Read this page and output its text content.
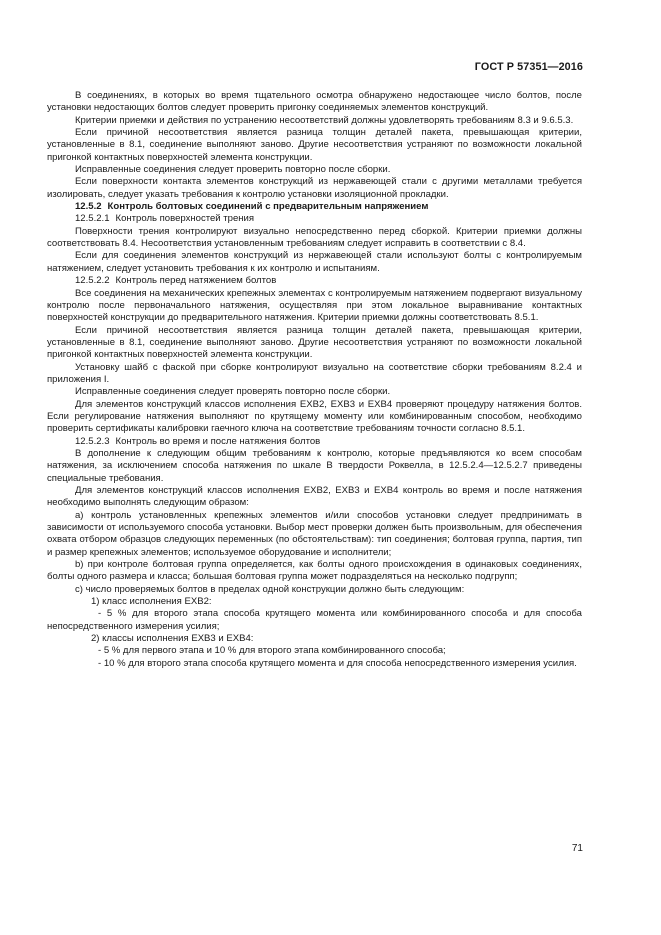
ГОСТ Р 57351—2016

В соединениях, в которых во время тщательного осмотра обнаружено недостающее число болтов, после установки недостающих болтов следует проверить пригонку соединяемых элементов конструкций.

Критерии приемки и действия по устранению несоответствий должны удовлетворять требованиям 8.3 и 9.6.5.3.

Если причиной несоответствия является разница толщин деталей пакета, превышающая критерии, установленные в 8.1, соединение выполняют заново. Другие несоответствия устраняют по возможности локальной пригонкой контактных поверхностей элемента конструкции.

Исправленные соединения следует проверить повторно после сборки.

Если поверхности контакта элементов конструкций из нержавеющей стали с другими металлами требуется изолировать, следует указать требования к контролю установки изоляционной прокладки.

12.5.2 Контроль болтовых соединений с предварительным напряжением

12.5.2.1 Контроль поверхностей трения

Поверхности трения контролируют визуально непосредственно перед сборкой. Критерии приемки должны соответствовать 8.4. Несоответствия установленным требованиям следует исправить в соответствии с 8.4.

Если для соединения элементов конструкций из нержавеющей стали используют болты с контролируемым натяжением, следует установить требования к их контролю и испытаниям.

12.5.2.2 Контроль перед натяжением болтов

Все соединения на механических крепежных элементах с контролируемым натяжением подвергают визуальному контролю после первоначального натяжения, осуществляя при этом локальное выравнивание контактных поверхностей конструкции до предварительного натяжения. Критерии приемки должны соответствовать 8.5.1.

Если причиной несоответствия является разница толщин деталей пакета, превышающая критерии, установленные в 8.1, соединение выполняют заново. Другие несоответствия устраняют по возможности локальной пригонкой контактных поверхностей элемента конструкции.

Установку шайб с фаской при сборке контролируют визуально на соответствие сборки требованиям 8.2.4 и приложения I.

Исправленные соединения следует проверять повторно после сборки.

Для элементов конструкций классов исполнения ЕХВ2, ЕХВ3 и ЕХВ4 проверяют процедуру натяжения болтов. Если регулирование натяжения выполняют по крутящему моменту или комбинированным способом, необходимо проверить сертификаты калибровки гаечного ключа на соответствие требованиям точности согласно 8.5.1.

12.5.2.3 Контроль во время и после натяжения болтов

В дополнение к следующим общим требованиям к контролю, которые предъявляются ко всем способам натяжения, за исключением способа натяжения по шкале В твердости Роквелла, в 12.5.2.4—12.5.2.7 приведены специальные требования.

Для элементов конструкций классов исполнения ЕХВ2, ЕХВ3 и ЕХВ4 контроль во время и после натяжения необходимо выполнять следующим образом:

a) контроль установленных крепежных элементов и/или способов установки следует предпринимать в зависимости от используемого способа установки. Выбор мест проверки должен быть произвольным, для обеспечения охвата отбором образцов следующих переменных (по обстоятельствам): тип соединения; болтовая группа, партия, тип и размер крепежных элементов; используемое оборудование и исполнители;

b) при контроле болтовая группа определяется, как болты одного происхождения в одинаковых соединениях, болты одного размера и класса; большая болтовая группа может подразделяться на несколько подгрупп;

c) число проверяемых болтов в пределах одной конструкции должно быть следующим:

1) класс исполнения ЕХВ2:

- 5 % для второго этапа способа крутящего момента или комбинированного способа и для способа непосредственного измерения усилия;

2) классы исполнения ЕХВ3 и ЕХВ4:

- 5 % для первого этапа и 10 % для второго этапа комбинированного способа;

- 10 % для второго этапа способа крутящего момента и для способа непосредственного измерения усилия.

71
